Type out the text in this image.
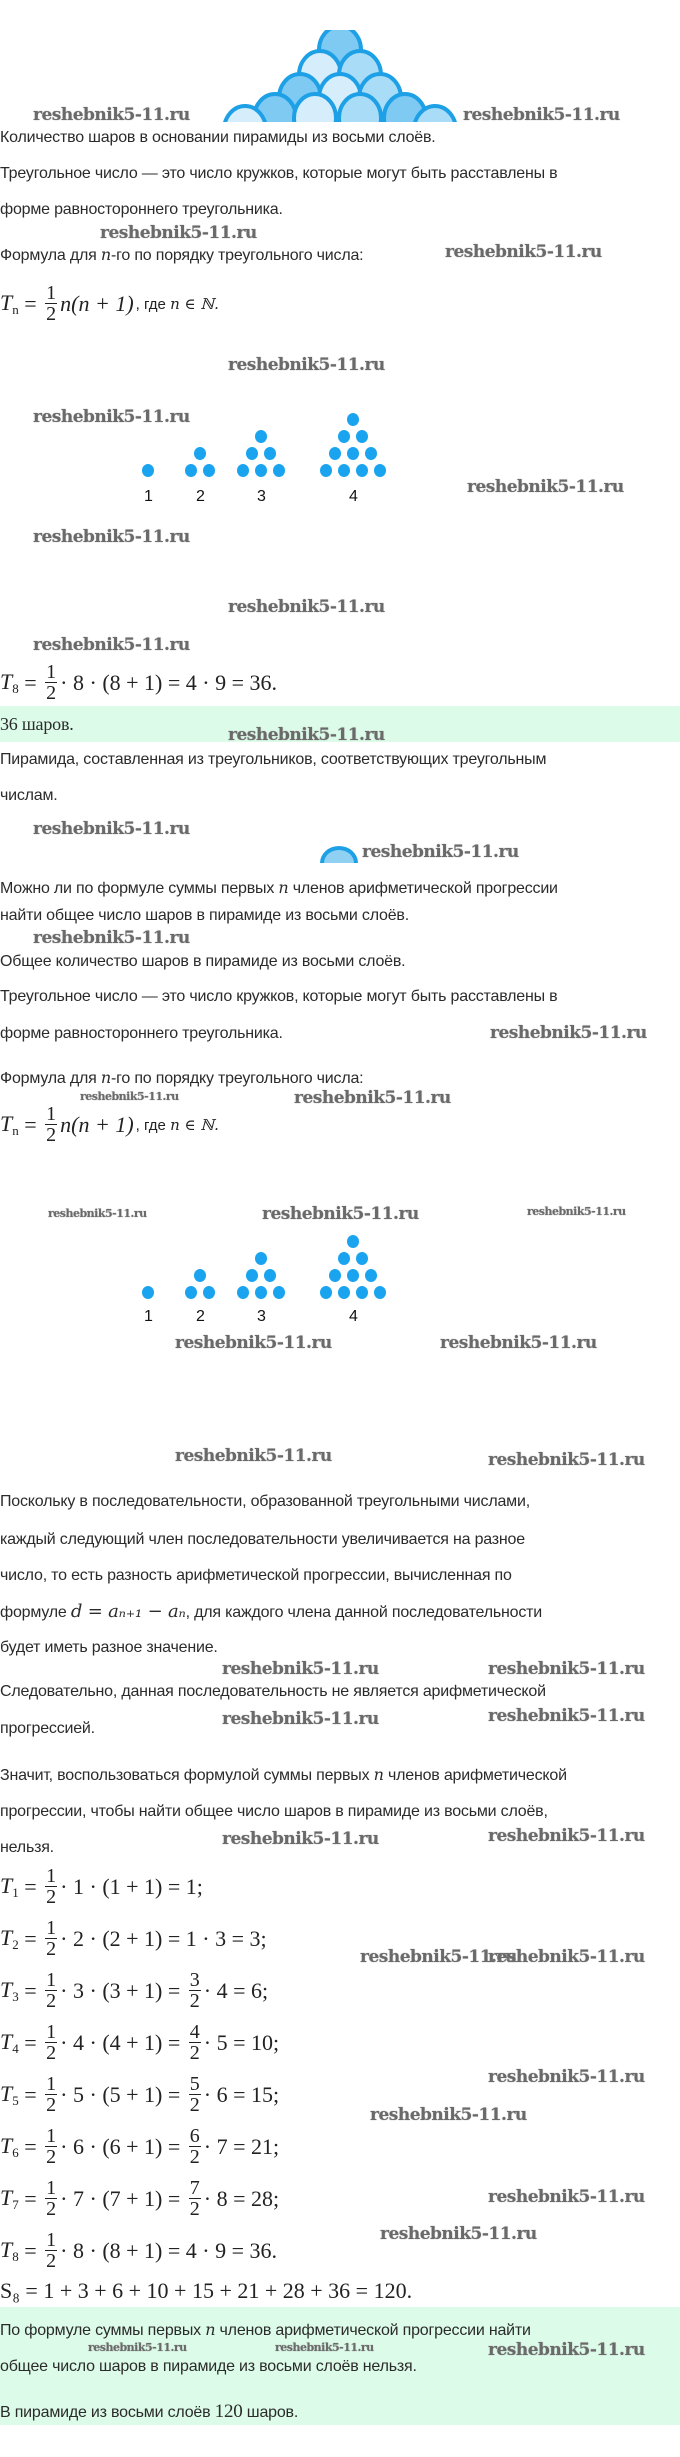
reshebnik5-11.ru	reshebnik5-11.ru
reshebnik5-11.ru
reshebnik5-11.ru
reshebnik5-11.ru
reshebnik5-11.ru
reshebnik5-11.ru
reshebnik5-11.ru
reshebnik5-11.ru
reshebnik5-11.ru
reshebnik5-11.ru
reshebnik5-11.ru
reshebnik5-11.ru
reshebnik5-11.ru
reshebnik5-11.ru
reshebnik5-11.ru	reshebnik5-11.ru
reshebnik5-11.ru	reshebnik5-11.ru	reshebnik5-11.ru
reshebnik5-11.ru	reshebnik5-11.ru
reshebnik5-11.ru	reshebnik5-11.ru
reshebnik5-11.ru	reshebnik5-11.ru
reshebnik5-11.ru	reshebnik5-11.ru
reshebnik5-11.ru	reshebnik5-11.ru
reshebnik5-11.ru
reshebnik5-11.ru
reshebnik5-11.ru
reshebnik5-11.ru
reshebnik5-11.ru
reshebnik5-11.ru
reshebnik5-11.ru	reshebnik5-11.ru	reshebnik5-11.ru
Количество шаров в основании пирамиды из восьми слоёв.
Треугольное число — это число кружков, которые могут быть расставлены в
форме равностороннего треугольника.
Формула для n-го по порядку треугольного числа:
$T_n = \frac{1}{2} n(n + 1)$ , где n ∈ ℕ.
$T_8 = \frac{1}{2} \cdot 8 \cdot (8 + 1) = 4 \cdot 9 = 36$.
36 шаров.
Пирамида, составленная из треугольников, соответствующих треугольным
числам.
Можно ли по формуле суммы первых n членов арифметической прогрессии
найти общее число шаров в пирамиде из восьми слоёв.
Общее количество шаров в пирамиде из восьми слоёв.
Треугольное число — это число кружков, которые могут быть расставлены в
форме равностороннего треугольника.
Формула для n-го по порядку треугольного числа:
$T_n = \frac{1}{2} n(n + 1)$ , где n ∈ ℕ.
Поскольку в последовательности, образованной треугольными числами,
каждый следующий член последовательности увеличивается на разное
число, то есть разность арифметической прогрессии, вычисленная по
формуле d = aₙ₊₁ − aₙ, для каждого члена данной последовательности
будет иметь разное значение.
Следовательно, данная последовательность не является арифметической
прогрессией.
Значит, воспользоваться формулой суммы первых n членов арифметической
прогрессии, чтобы найти общее число шаров в пирамиде из восьми слоёв,
нельзя.
$T_1 = \frac{1}{2} \cdot 1 \cdot (1 + 1) = 1$;
$T_2 = \frac{1}{2} \cdot 2 \cdot (2 + 1) = 1 \cdot 3 = 3$;
$T_3 = \frac{1}{2} \cdot 3 \cdot (3 + 1)$ =
$\frac{3}{2} \cdot 4 = 6$;
$T_4 = \frac{1}{2} \cdot 4 \cdot (4 + 1)$ =
$\frac{4}{2} \cdot 5 = 10$;
$T_5 = \frac{1}{2} \cdot 5 \cdot (5 + 1)$ =
$\frac{5}{2} \cdot 6 = 15$;
$T_6 = \frac{1}{2} \cdot 6 \cdot (6 + 1)$ =
$\frac{6}{2} \cdot 7 = 21$;
$T_7 = \frac{1}{2} \cdot 7 \cdot (7 + 1)$ =
$\frac{7}{2} \cdot 8 = 28$;
$T_8 = \frac{1}{2} \cdot 8 \cdot (8 + 1) = 4 \cdot 9 = 36$.
S₈ = 1 + 3 + 6 + 10 + 15 + 21 + 28 + 36 = 120.
По формуле суммы первых n членов арифметической прогрессии найти
общее число шаров в пирамиде из восьми слоёв нельзя.
В пирамиде из восьми слоёв 120 шаров.
1	2	3	4
1	2	3	4
